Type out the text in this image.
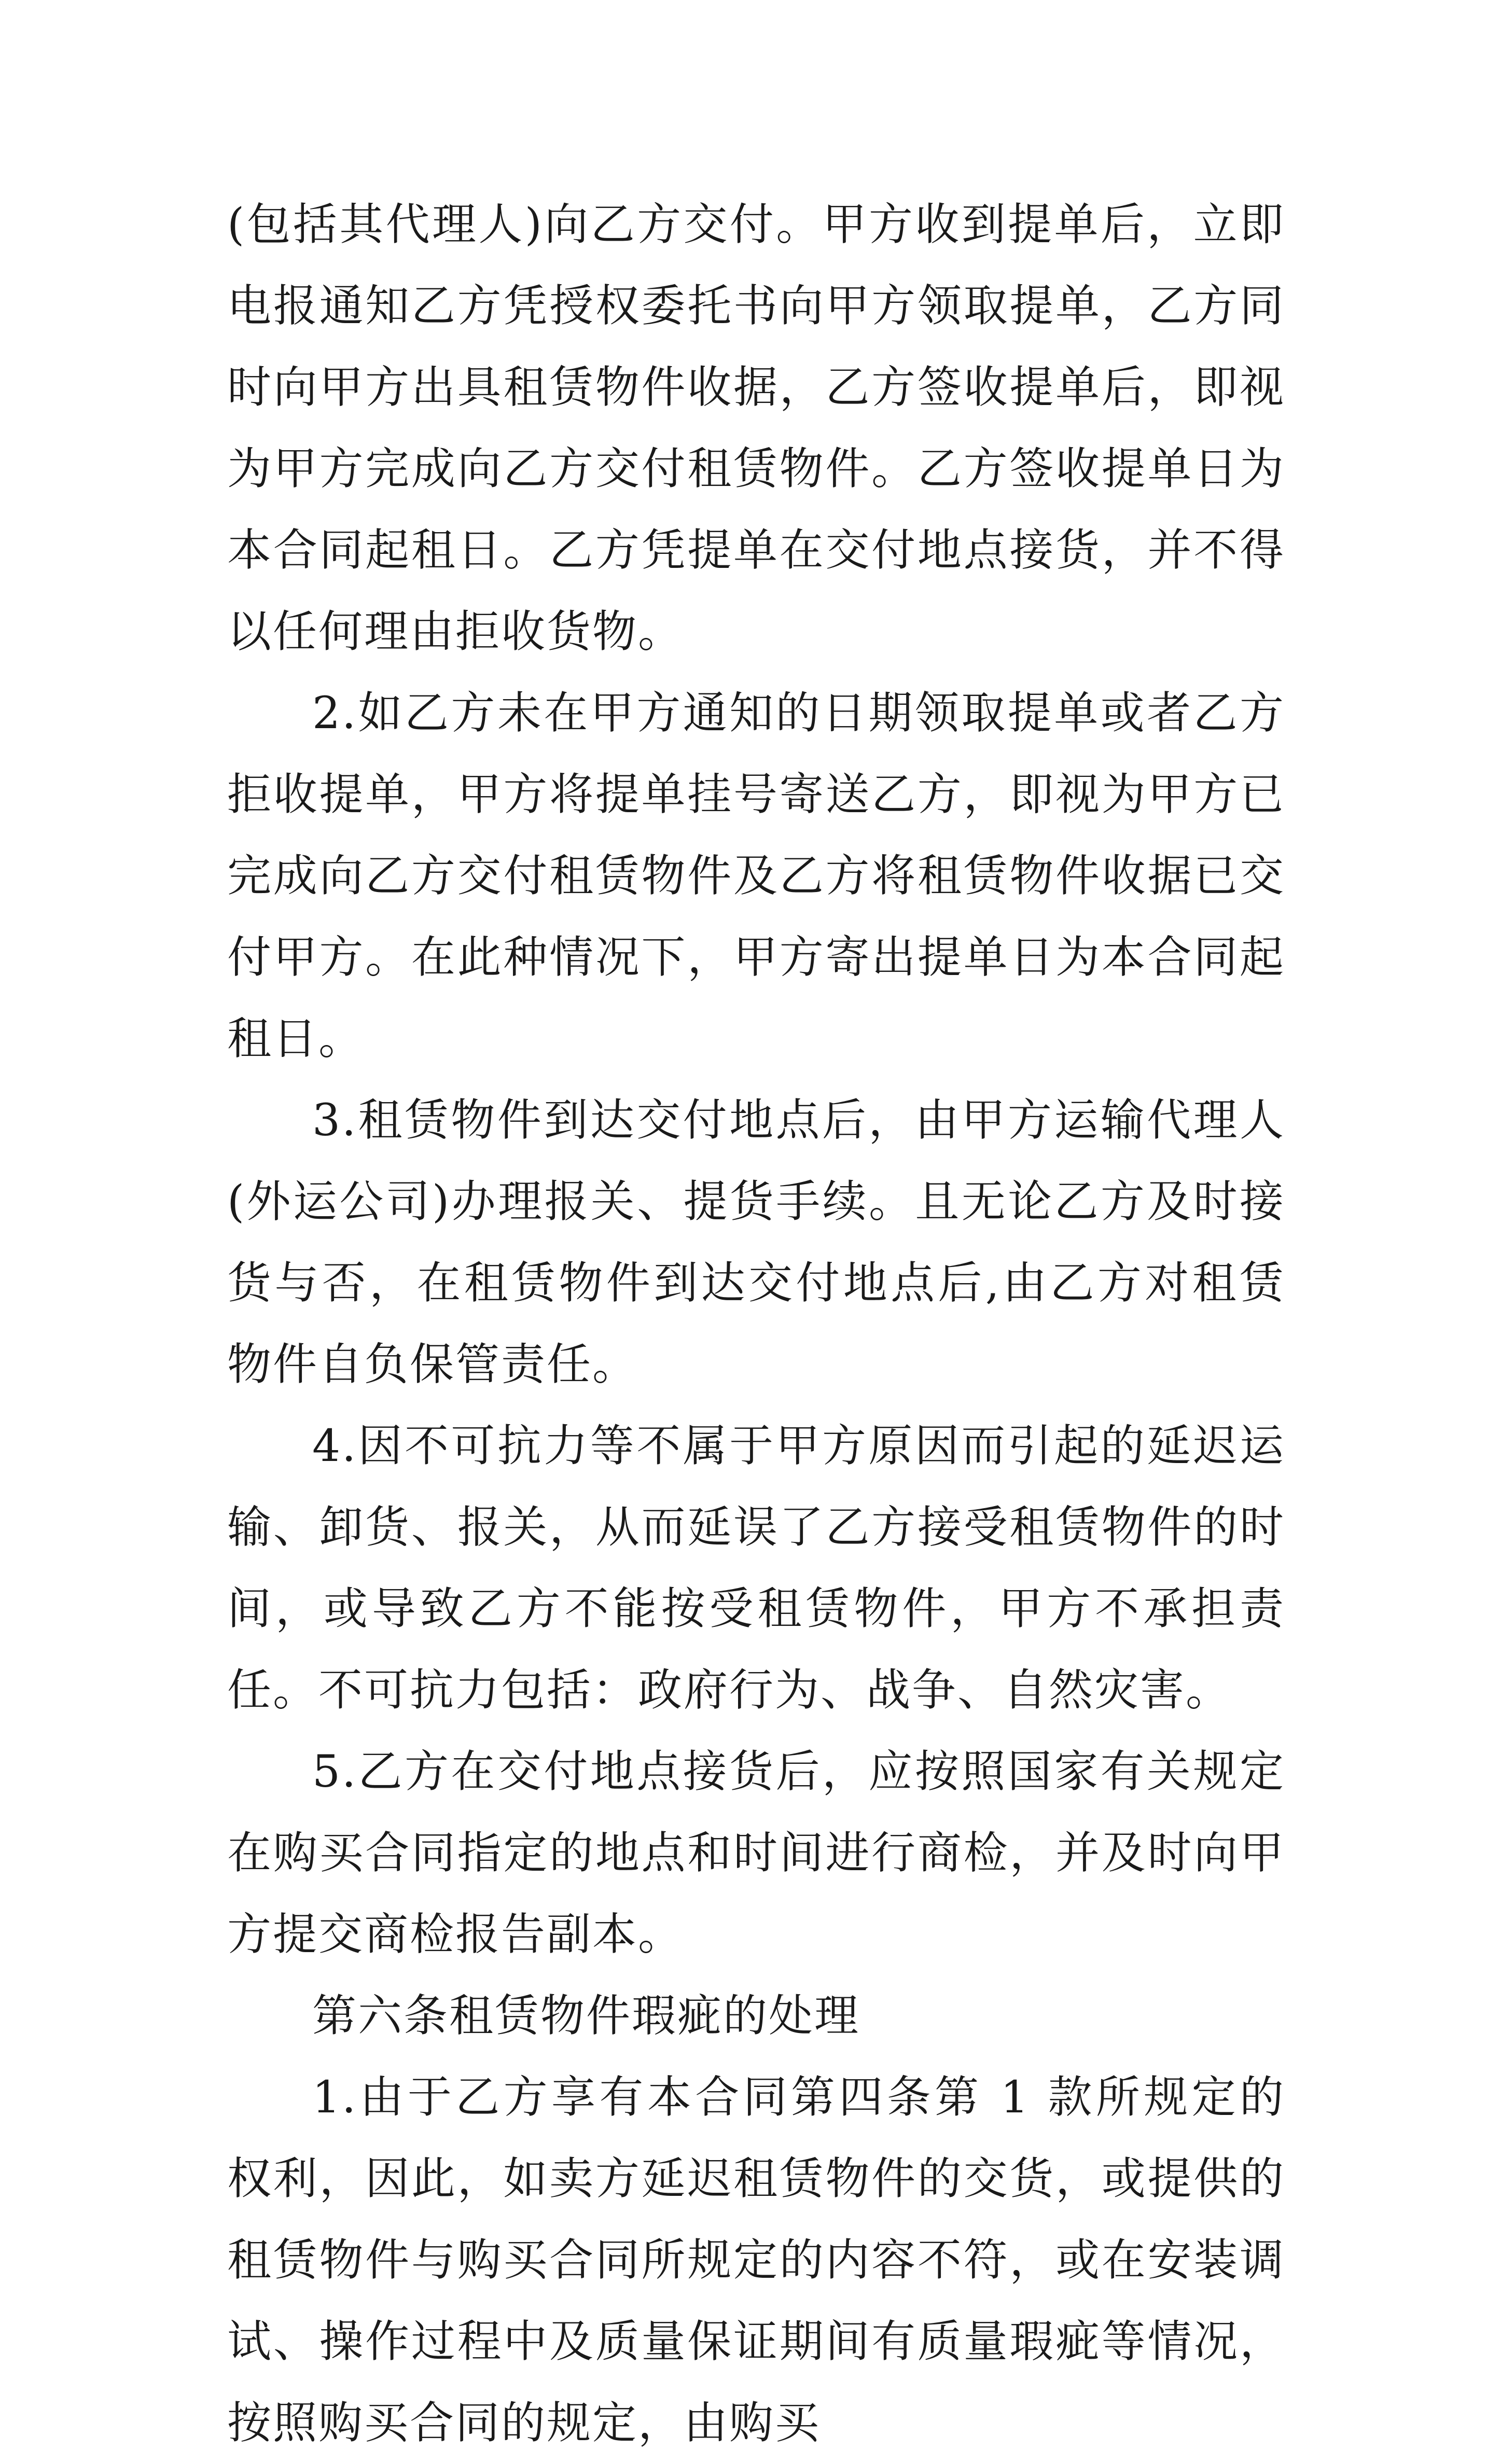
(包括其代理人)向乙方交付。甲方收到提单后，立即电报通知乙方凭授权委托书向甲方领取提单，乙方同时向甲方出具租赁物件收据，乙方签收提单后，即视为甲方完成向乙方交付租赁物件。乙方签收提单日为本合同起租日。乙方凭提单在交付地点接货，并不得以任何理由拒收货物。

2.如乙方未在甲方通知的日期领取提单或者乙方拒收提单，甲方将提单挂号寄送乙方，即视为甲方已完成向乙方交付租赁物件及乙方将租赁物件收据已交付甲方。在此种情况下，甲方寄出提单日为本合同起租日。

3.租赁物件到达交付地点后，由甲方运输代理人(外运公司)办理报关、提货手续。且无论乙方及时接货与否，在租赁物件到达交付地点后,由乙方对租赁物件自负保管责任。

4.因不可抗力等不属于甲方原因而引起的延迟运输、卸货、报关，从而延误了乙方接受租赁物件的时间，或导致乙方不能按受租赁物件，甲方不承担责任。不可抗力包括：政府行为、战争、自然灾害。

5.乙方在交付地点接货后，应按照国家有关规定在购买合同指定的地点和时间进行商检，并及时向甲方提交商检报告副本。

第六条租赁物件瑕疵的处理

1.由于乙方享有本合同第四条第 1 款所规定的权利，因此，如卖方延迟租赁物件的交货，或提供的租赁物件与购买合同所规定的内容不符，或在安装调试、操作过程中及质量保证期间有质量瑕疵等情况，按照购买合同的规定，由购买
